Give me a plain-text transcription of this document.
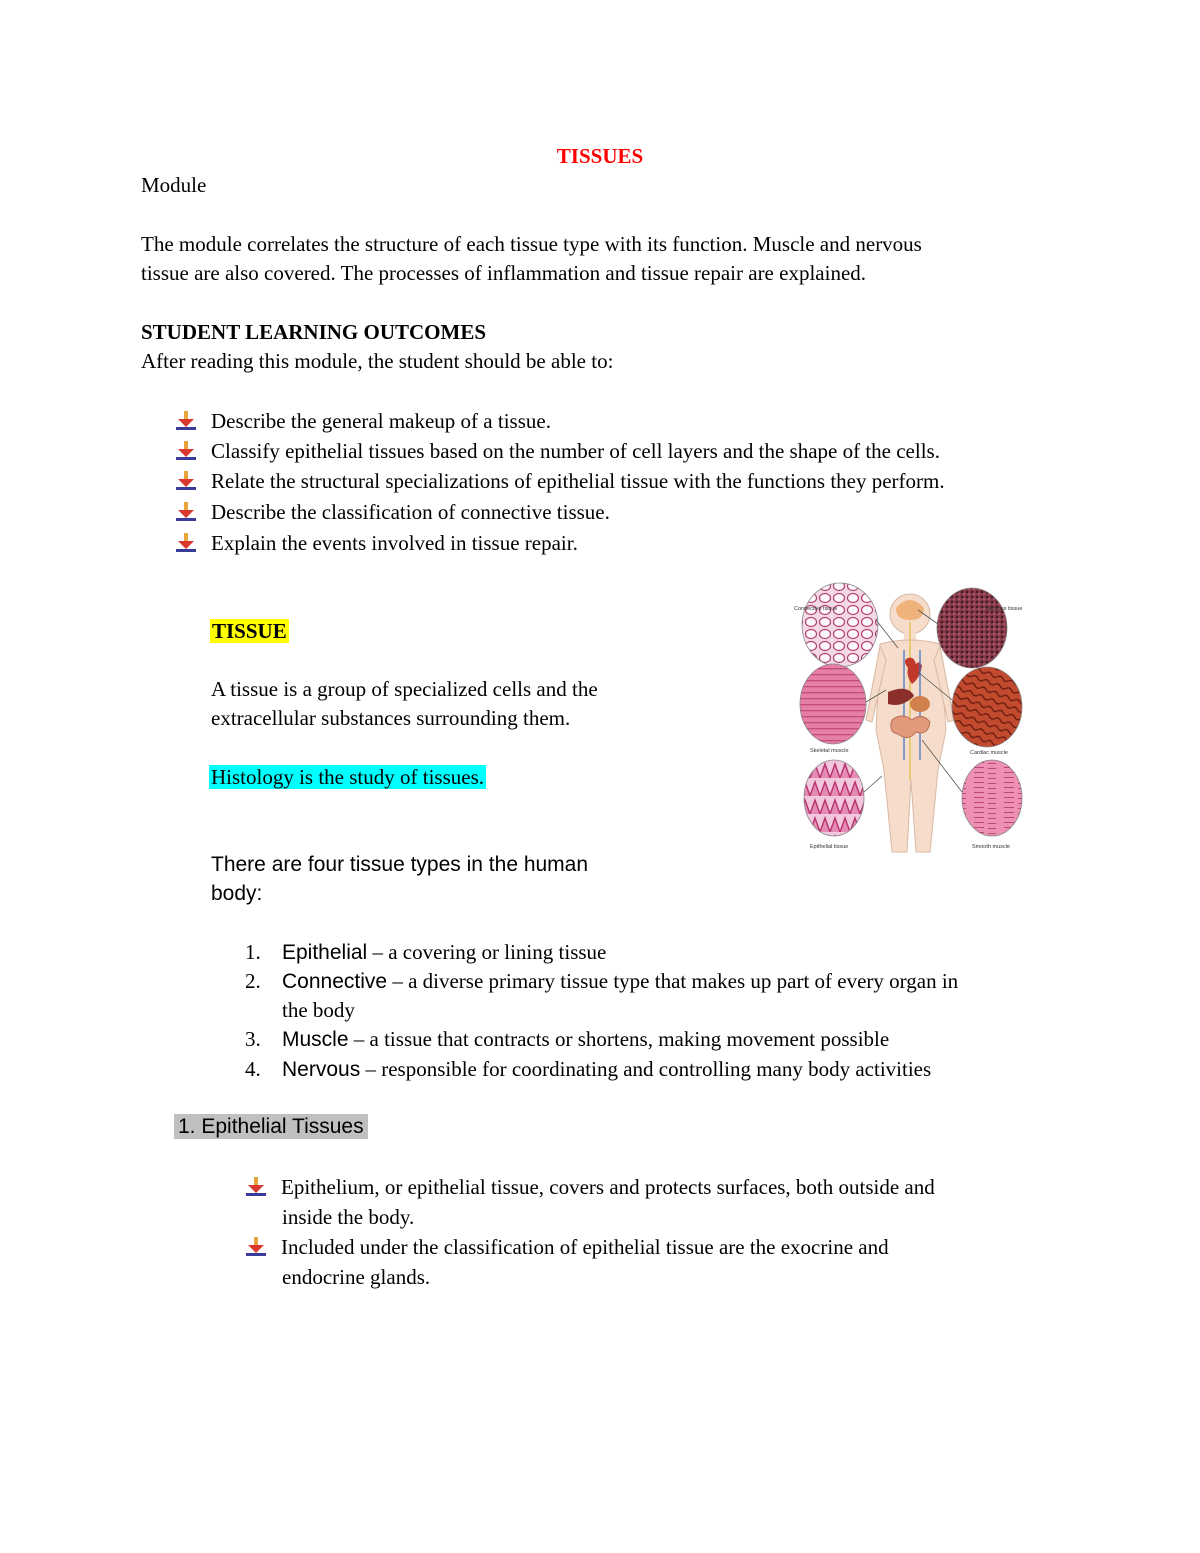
TISSUES
Module
The module correlates the structure of each tissue type with its function. Muscle and nervous
tissue are also covered. The processes of inflammation and tissue repair are explained.
STUDENT LEARNING OUTCOMES
After reading this module, the student should be able to:
Describe the general makeup of a tissue.
Classify epithelial tissues based on the number of cell layers and the shape of the cells.
Relate the structural specializations of epithelial tissue with the functions they perform.
Describe the classification of connective tissue.
Explain the events involved in tissue repair.
TISSUE
A tissue is a group of specialized cells and the
extracellular substances surrounding them.
Histology is the study of tissues.
There are four tissue types in the human
body:
1. Epithelial – a covering or lining tissue
2. Connective – a diverse primary tissue type that makes up part of every organ in
the body
3. Muscle – a tissue that contracts or shortens, making movement possible
4. Nervous – responsible for coordinating and controlling many body activities
1. Epithelial Tissues
Epithelium, or epithelial tissue, covers and protects surfaces, both outside and
inside the body.
Included under the classification of epithelial tissue are the exocrine and
endocrine glands.
Connective tissue	Nervous tissue
Skeletal muscle	Cardiac muscle
Epithelial tissue	Smooth muscle
